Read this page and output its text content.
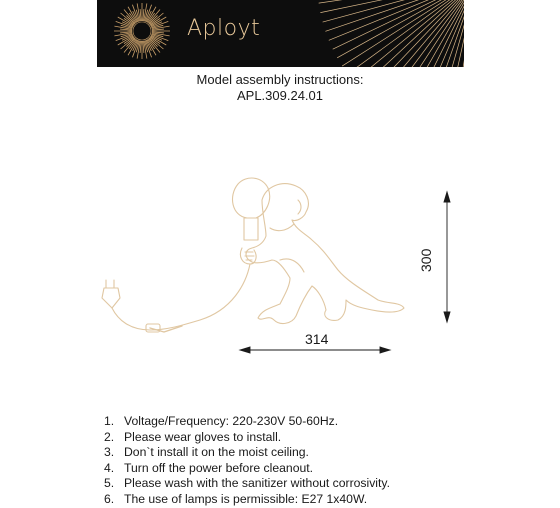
Aployt
Model assembly instructions:
APL.309.24.01
314
300
1. Voltage/Frequency: 220-230V 50-60Hz.
2. Please wear gloves to install.
3. Don`t install it on the moist ceiling.
4. Turn off the power before cleanout.
5. Please wash with the sanitizer without corrosivity.
6. The use of lamps is permissible: E27 1x40W.
